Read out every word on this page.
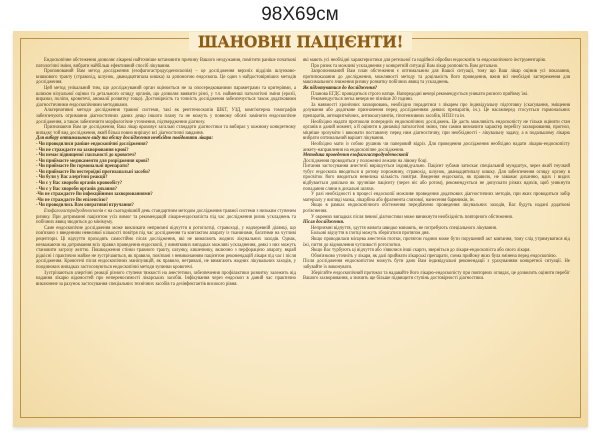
98X69см
ШАНОВНІ ПАЦІЄНТИ!

Ендоскопічне обстеження дозволяє лікареві найточніше встановити причину Вашого нездужання, помітити раніше початкові патологічні зміни, вибрати найбільш ефективний спосіб лікування.

Пропонований Вам метод дослідження (езофагогастродуоденоскопія) – це дослідження верхніх відділів шлунково-кишкового тракту (стравохід, шлунок, дванадцятипала кишка) за допомогою ендоскопа. Це один з найдостовірніших методів дослідження.

Цей метод унікальний тим, що досліджуваний орган оцінюється не за опосередкованими параметрами та критеріями, а шляхом візуальної оцінки та детального огляду органів, що дозволяє виявити різні, у т.ч. найменші патологічні зміни (ерозії, виразки, поліпи, кровотечі, аномалії розвитку тощо). Достовірність та точність дослідження забезпечується також додатковими діагностичними ендоскопічними методиками.

Альтернативні методи дослідження травної системи, такі як рентгеноскопія ШКТ, УЗД, комп'ютерна томографія забезпечують отримання діагностичних даних дещо іншого плану та не можуть у повному обсязі замінити ендоскопічне дослідження, а також забезпечити морфологічне уточнення, підтвердження діагнозу.

Призначаючи Вам це дослідження, Ваш лікар враховує загальні стандарти діагностики та вибирає у кожному конкретному випадку той вид дослідження, який більш повно вирішує всі діагностичні завдання.

Для вибору оптимального виду та обсягу дослідження необхідно повідомити лікаря:

- Чи проводилися раніше ендоскопічні дослідження?

- Чи не страждаєте на захворювання крові?

- Чи немає підвищеної схильності до кровотеч?

- Чи приймаєте медикаменти для розрідження крові?

- Чи приймаєте Ви гормональні препарати?

- Чи приймаєте Ви нестероїдні протизапальні засоби?

- Чи були у Вас алергічні реакції?

- Чи є у Вас хвороби органів кровообігу?

- Чи є у Вас хвороби органів дихання?

-Чи не страждаєте Ви інфекційними захворюваннями?

-Чи не страждаєте Ви епілепсією?

- Чи проводились Вам оперативні втручання?

Езофагогастродуоденоскопія є на сьогоднішній день стандартним методом дослідження травної системи з низьким ступенем ризику. При дотриманні пацієнтом усіх вимог та рекомендацій лікаря-ендоскопіста під час дослідження ризик ускладнень та побічних явищ зводиться до мінімуму.

Саме ендоскопічне дослідження може викликати неприємні відчуття в ротоглотці, стравоході, у надчеревній ділянці, що пов'язано з введенням невеликої кількості повітря під час дослідження та контактом апарату із тканинами, багатими на чутливі рецептори. Ці відчуття проходять самостійно після дослідження, які не вимагають жодних лікувальних заходів. Однак, незважаючи на дотримання всіх правил проведення ендоскопії, у виняткових випадках можливі ускладнення, деякі з них можуть становити загрозу життю. Пошкодження стінки травного тракту, шлунку, кишечнику, включно з перфорацією апарату, вкрай рідкісні і практично майже не зустрічаються, як правило, пов'язані з невиконанням пацієнтом рекомендацій лікаря під час і після дослідження. Кровотечі після ендоскопічних маніпуляцій, як правило, нетривалі, не вимагають жодних лікувальних заходів, у поодиноких випадках застосовуються ендоскопічні методи зупинки кровотечі.

Зустрічаються алергічні реакції різного ступеня тяжкості на анестетики, забезпечення профілактики розвитку залежить від надання лікарю відомостей про непереносимості лікарських засобів. Інфікування через ендоскоп в даний час практично виключене за рахунок застосування спеціальних технічних засобів та дезінфектантів високого рівня.

які мають усі необхідні характеристики для ретельної та надійної обробки ендоскопів та ендоскопічного інструментарію.

Про ризик та можливі ускладнення у конкретній ситуації Вам лікар розповість Вам детально.

Запропонований Вам план обстеження є оптимальним для Вашої ситуації, тому що Ваш лікар оцінив усі показання, протипоказання до дослідження, можливості методу та доцільність його проведення, вжив всі необхідні застереження для максимального зниження ризику розвитку побічних явищ та ускладнень.

Як підготуватися до дослідження?

Планова ЕГДС проводиться строго натще. Напередодні вечері рекомендується уникати рясного прийому їжі.

Рекомендується легка вечеря не пізніше 20 години.

За наявності хронічних захворювань, необхідно порадитися з лікарем про індивідуальну підготовку (скасування, зміщення дозування або додаткове призначення перед дослідженням деяких препаратів, ін.). Це насамперед стосується гормональних препаратів, антиаритмічних, антикоагулянтів, гіпотензивних засобів, НПЗЗ та ін.

Необхідно надати протоколи попередніх ендоскопічних досліджень. Це дасть можливість ендоскопісту не тільки оцінити стан органів в даний момент, а й оцінити в динаміці патологічні зміни, тим самим визначити характер перебігу захворювання, прогноз, міцніше зрозуміти і виконати поставлену перед ним діагностичну, при необхідності - лікувальну задачу, а в подальшому лікарю вибрати оптимальний варіант лікування.

Необхідно мати із собою рушник чи паперовий відріз. Для проведення дослідження необхідно надати лікарю-ендоскопісту анкету-направлення на ендоскопічне дослідження.

Методика проведення езофагогастродуоденоскопії

Дослідження проводиться у положенні лежачи на лівому боці.

Питання застосування анестезії вирішується індивідуально. Пацієнт зубами затискає спеціальний мундштук, через який гнучкий тубус ендоскопа вводиться в ротову порожнину, стравохід, шлунок, дванадцятипалу кишку. Для забезпечення огляду органу в просвіток його вводиться невелика кількість повітря. Введення ендоскопа, як правило, не заважає диханню, вдих і видих відбувається довільно як зручніше пацієнту (через ніс або ротом), рекомендується не допускати різких вдихів, щоб уникнути попадання слини в дихальні шляхи.

У разі необхідності в процесі ендоскопії можливе проведення додаткових діагностичних методів, при яких проводиться забір матеріалу у вигляді мазка, лікарбіна або фрагмента слизової, нанесення барвників, ін.

Якщо в рамках ендоскопічного обстеження передбачено проведення лікувальних заходів, Вас будуть надані додаткові роз'яснення.

У окремих випадках після певної діагностики може виникнути необхідність повторного обстеження.

Після дослідження.

Неприємні відчуття, здуття живота швидко минають, не потребують спеціального лікування.

Больові відчуття в глотці можуть зберігатися протягом дня.

Якщо проводилася місцева анестезія глотки, протягом години може бути порушений акт ковтання, тому слід утримуватися від їжі, пиття до відновлення чутливості ротоглотки.

Якщо Вас турбують ці відчуття або з'явилися інші скарги, зверніться до лікаря-ендоскопіста або свого лікаря.

Обов'язково уточніть у лікаря, як далі приймати лікарські препарати, схема прийому яких була змінена перед ендоскопією.

Після дослідження ендоскопістом можуть бути дано Вам індивідуальні рекомендації з урахуванням конкретної ситуації. Не забувайте їх виконувати.

Зберігайте ендоскопічний протокол та надавайте його лікарю-ендоскопісту при повторних оглядах, це дозволить оцінити перебіг Вашого захворювання, а значить ще більше підвищити ступінь достовірності діагностики.
